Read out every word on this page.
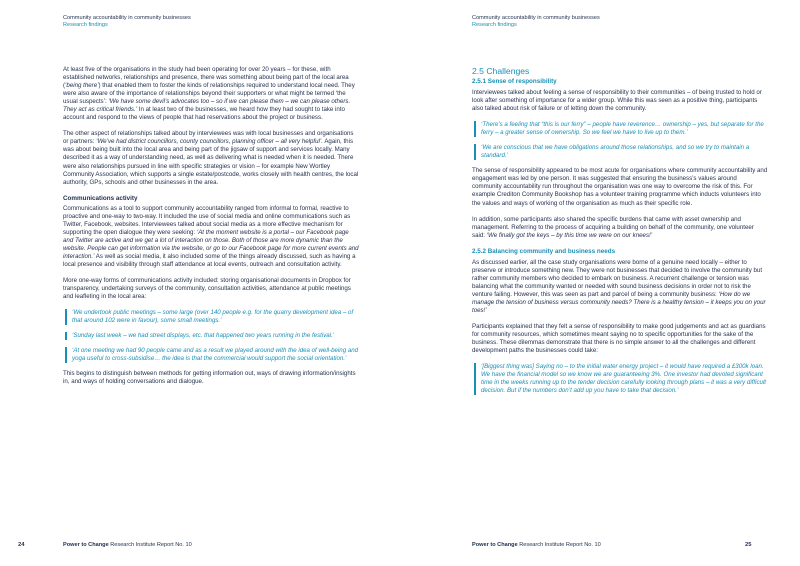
Community accountability in community businesses
Research findings

At least five of the organisations in the study had been operating for over 20 years – for these, with established networks, relationships and presence, there was something about being part of the local area (‘being there’) that enabled them to foster the kinds of relationships required to understand local need. They were also aware of the importance of relationships beyond their supporters or what might be termed ‘the usual suspects’: ‘We have some devil’s advocates too – so if we can please them – we can please others. They act as critical friends.’ In at least two of the businesses, we heard how they had sought to take into account and respond to the views of people that had reservations about the project or business.

The other aspect of relationships talked about by interviewees was with local businesses and organisations or partners: ‘We’ve had district councillors, county councillors, planning officer – all very helpful’. Again, this was about being built into the local area and being part of the jigsaw of support and services locally. Many described it as a way of understanding need, as well as delivering what is needed when it is needed. There were also relationships pursued in line with specific strategies or vision – for example New Wortley Community Association, which supports a single estate/postcode, works closely with health centres, the local authority, GPs, schools and other businesses in the area.

Communications activity

Communications as a tool to support community accountability ranged from informal to formal, reactive to proactive and one-way to two-way. It included the use of social media and online communications such as Twitter, Facebook, websites. Interviewees talked about social media as a more effective mechanism for supporting the open dialogue they were seeking: ‘At the moment website is a portal – our Facebook page and Twitter are active and we get a lot of interaction on those. Both of those are more dynamic than the website. People can get information via the website, or go to our Facebook page for more current events and interaction.’ As well as social media, it also included some of the things already discussed, such as having a local presence and visibility through staff attendance at local events, outreach and consultation activity.

More one-way forms of communications activity included: storing organisational documents in Dropbox for transparency, undertaking surveys of the community, consultation activities, attendance at public meetings and leafleting in the local area:

‘We undertook public meetings – some large (over 140 people e.g. for the quarry development idea – of that around 102 were in favour), some small meetings.’
‘Sunday last week – we had street displays, etc. that happened two years running in the festival.’
‘At one meeting we had 90 people came and as a result we played around with the idea of well-being and yoga useful to cross-subsidise… the idea is that the commercial would support the social orientation.’

This begins to distinguish between methods for getting information out, ways of drawing information/insights in, and ways of holding conversations and dialogue.

24	Power to Change Research Institute Report No. 10
Community accountability in community businesses
Research findings
2.5 Challenges
2.5.1 Sense of responsibility

Interviewees talked about feeling a sense of responsibility to their communities – of being trusted to hold or look after something of importance for a wider group. While this was seen as a positive thing, participants also talked about risk of failure or of letting down the community.

‘There’s a feeling that “this is our ferry” – people have reverence… ownership – yes, but separate for the ferry – a greater sense of ownership. So we feel we have to live up to them.’
‘We are conscious that we have obligations around those relationships, and so we try to maintain a standard.’

The sense of responsibility appeared to be most acute for organisations where community accountability and engagement was led by one person. It was suggested that ensuring the business’s values around community accountability run throughout the organisation was one way to overcome the risk of this. For example Crediton Community Bookshop has a volunteer training programme which inducts volunteers into the values and ways of working of the organisation as much as their specific role.

In addition, some participants also shared the specific burdens that came with asset ownership and management. Referring to the process of acquiring a building on behalf of the community, one volunteer said: ‘We finally got the keys – by this time we were on our knees!’

2.5.2 Balancing community and business needs

As discussed earlier, all the case study organisations were borne of a genuine need locally – either to preserve or introduce something new. They were not businesses that decided to involve the community but rather community members who decided to embark on business. A recurrent challenge or tension was balancing what the community wanted or needed with sound business decisions in order not to risk the venture failing. However, this was seen as part and parcel of being a community business: ‘How do we manage the tension of business versus community needs? There is a healthy tension – it keeps you on your toes!’

Participants explained that they felt a sense of responsibility to make good judgements and act as guardians for community resources, which sometimes meant saying no to specific opportunities for the sake of the business. These dilemmas demonstrate that there is no simple answer to all the challenges and different development paths the businesses could take:

‘[Biggest thing was] Saying no – to the initial water energy project – it would have required a £300k loan. We have the financial model so we know we are guaranteeing 3%. One investor had devoted significant time in the weeks running up to the tender decision carefully looking through plans – it was a very difficult decision. But if the numbers don’t add up you have to take that decision.’
Power to Change Research Institute Report No. 10	25
